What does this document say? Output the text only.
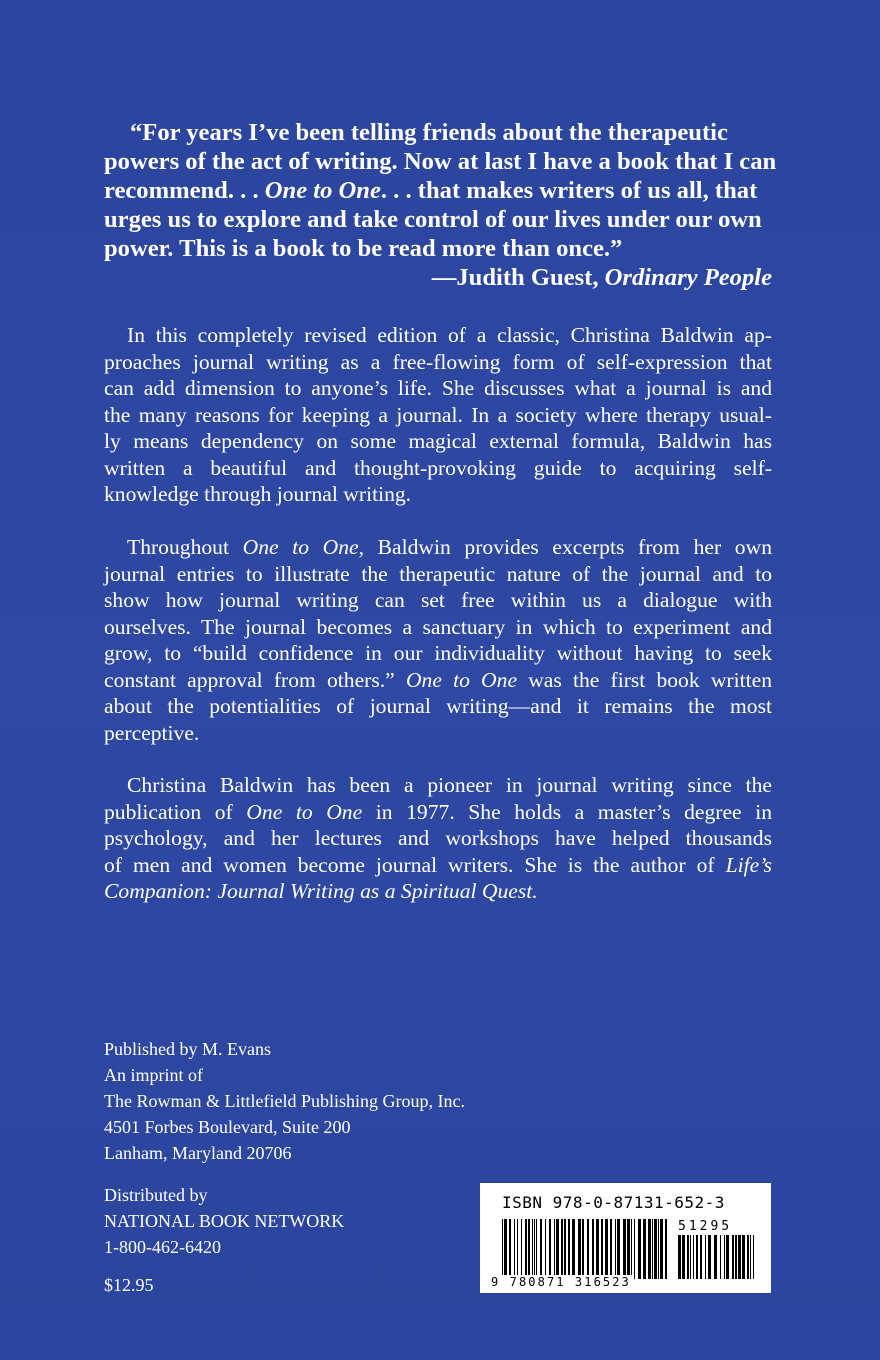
“For years I’ve been telling friends about the therapeutic
powers of the act of writing. Now at last I have a book that I can
recommend. . . One to One. . . that makes writers of us all, that
urges us to explore and take control of our lives under our own
power. This is a book to be read more than once.”
—Judith Guest, Ordinary People
In this completely revised edition of a classic, Christina Baldwin ap-
proaches journal writing as a free-flowing form of self-expression that
can add dimension to anyone’s life. She discusses what a journal is and
the many reasons for keeping a journal. In a society where therapy usual-
ly means dependency on some magical external formula, Baldwin has
written a beautiful and thought-provoking guide to acquiring self-
knowledge through journal writing.
Throughout One to One, Baldwin provides excerpts from her own
journal entries to illustrate the therapeutic nature of the journal and to
show how journal writing can set free within us a dialogue with
ourselves. The journal becomes a sanctuary in which to experiment and
grow, to “build confidence in our individuality without having to seek
constant approval from others.” One to One was the first book written
about the potentialities of journal writing—and it remains the most
perceptive.
Christina Baldwin has been a pioneer in journal writing since the
publication of One to One in 1977. She holds a master’s degree in
psychology, and her lectures and workshops have helped thousands
of men and women become journal writers. She is the author of Life’s
Companion: Journal Writing as a Spiritual Quest.
Published by M. Evans
An imprint of
The Rowman & Littlefield Publishing Group, Inc.
4501 Forbes Boulevard, Suite 200
Lanham, Maryland 20706
Distributed by
NATIONAL BOOK NETWORK
1-800-462-6420
$12.95
ISBN 978-0-87131-652-3
51295
9 780871 316523
